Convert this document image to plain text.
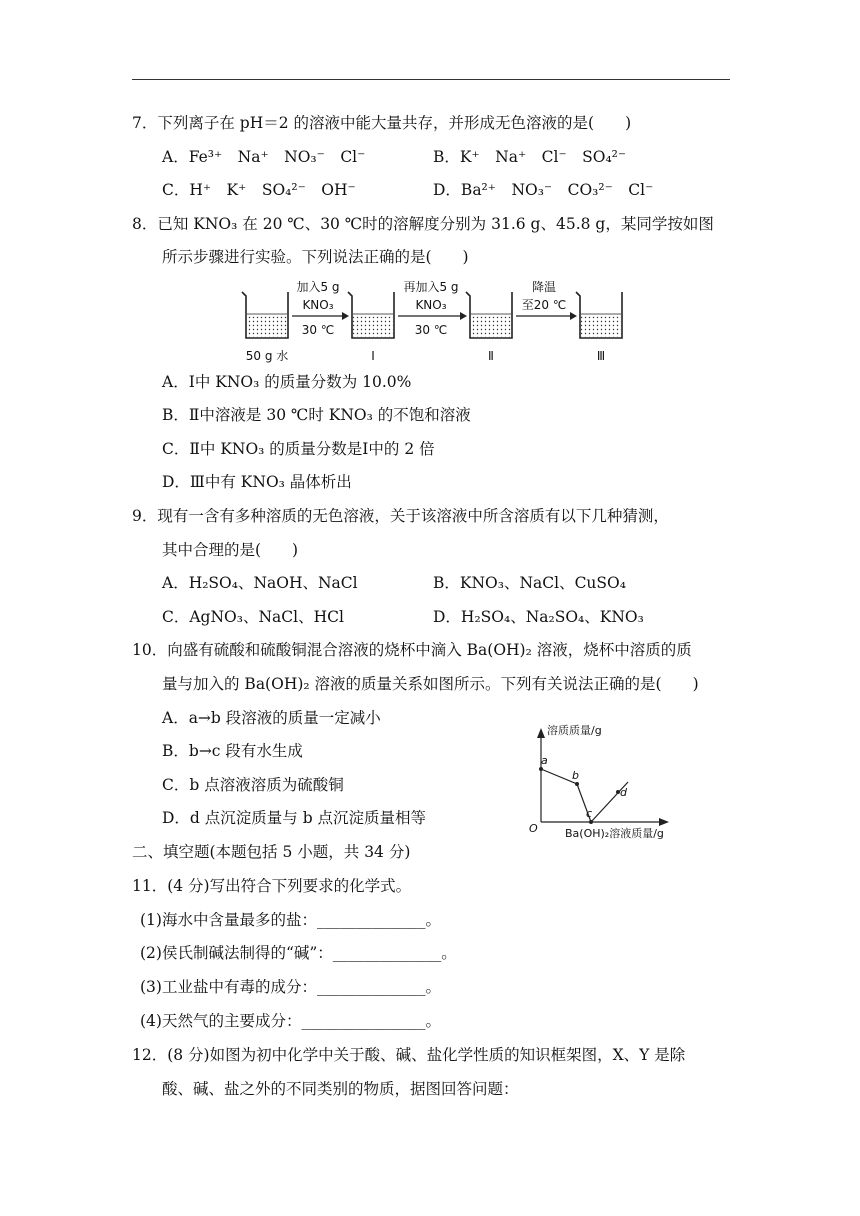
7．下列离子在 pH＝2 的溶液中能大量共存，并形成无色溶液的是(　　)
A．Fe³⁺　Na⁺　NO₃⁻　Cl⁻	B．K⁺　Na⁺　Cl⁻　SO₄²⁻
C．H⁺　K⁺　SO₄²⁻　OH⁻	D．Ba²⁺　NO₃⁻　CO₃²⁻　Cl⁻
8．已知 KNO₃ 在 20 ℃、30 ℃时的溶解度分别为 31.6 g、45.8 g，某同学按如图
所示步骤进行实验。下列说法正确的是(　　)
加入5 g
KNO₃
30 ℃
再加入5 g
KNO₃
30 ℃
降温
至20 ℃
50 g 水	Ⅰ	Ⅱ	Ⅲ
A．Ⅰ中 KNO₃ 的质量分数为 10.0%
B．Ⅱ中溶液是 30 ℃时 KNO₃ 的不饱和溶液
C．Ⅱ中 KNO₃ 的质量分数是Ⅰ中的 2 倍
D．Ⅲ中有 KNO₃ 晶体析出
9．现有一含有多种溶质的无色溶液，关于该溶液中所含溶质有以下几种猜测，
其中合理的是(　　)
A．H₂SO₄、NaOH、NaCl	B．KNO₃、NaCl、CuSO₄
C．AgNO₃、NaCl、HCl	D．H₂SO₄、Na₂SO₄、KNO₃
10．向盛有硫酸和硫酸铜混合溶液的烧杯中滴入 Ba(OH)₂ 溶液，烧杯中溶质的质
量与加入的 Ba(OH)₂ 溶液的质量关系如图所示。下列有关说法正确的是(　　)
A．a→b 段溶液的质量一定减小
B．b→c 段有水生成
C．b 点溶液溶质为硫酸铜
D．d 点沉淀质量与 b 点沉淀质量相等
溶质质量/g
Ba(OH)₂溶液质量/g
O
a
b
c
d
二、填空题(本题包括 5 小题，共 34 分)
11．(4 分)写出符合下列要求的化学式。
(1)海水中含量最多的盐：______________。
(2)侯氏制碱法制得的“碱”：______________。
(3)工业盐中有毒的成分：______________。
(4)天然气的主要成分：________________。
12．(8 分)如图为初中化学中关于酸、碱、盐化学性质的知识框架图，X、Y 是除
酸、碱、盐之外的不同类别的物质，据图回答问题：
